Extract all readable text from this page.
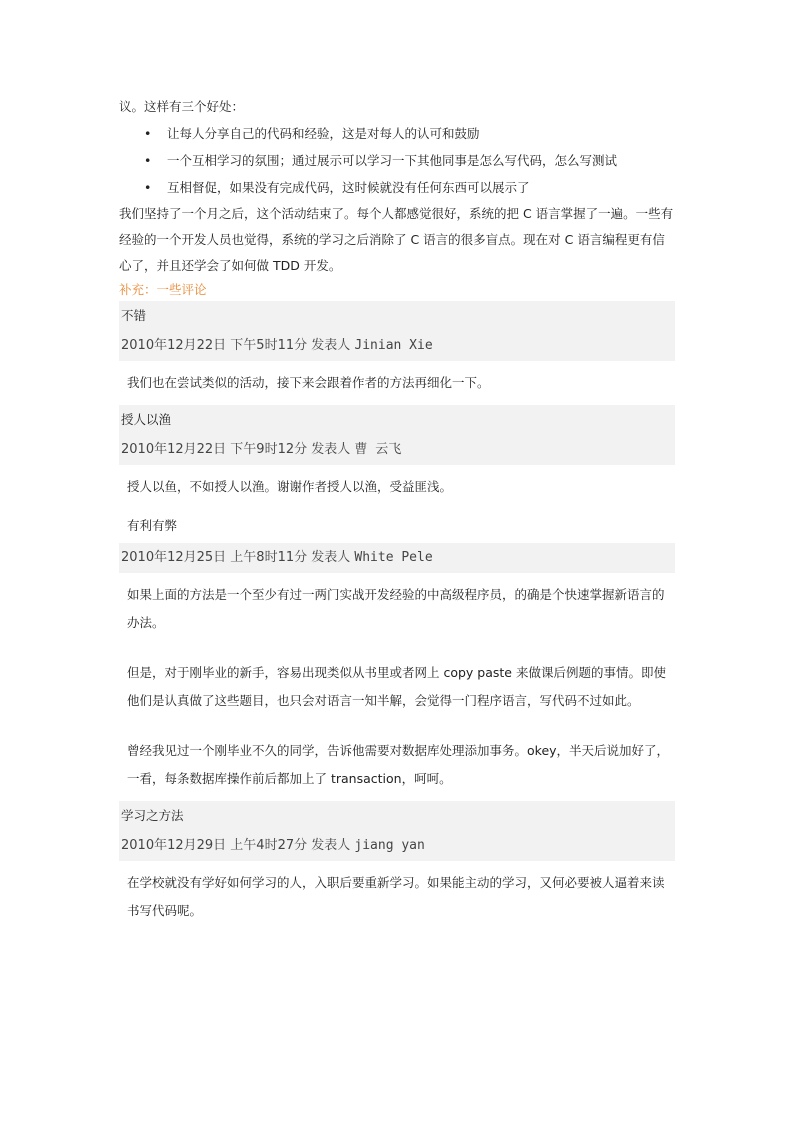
议。这样有三个好处：

• 让每人分享自己的代码和经验，这是对每人的认可和鼓励
• 一个互相学习的氛围；通过展示可以学习一下其他同事是怎么写代码，怎么写测试
• 互相督促，如果没有完成代码，这时候就没有任何东西可以展示了

我们坚持了一个月之后，这个活动结束了。每个人都感觉很好，系统的把 C 语言掌握了一遍。一些有经验的一个开发人员也觉得，系统的学习之后消除了 C 语言的很多盲点。现在对 C 语言编程更有信心了，并且还学会了如何做 TDD 开发。

补充：一些评论

不错
2010年12月22日 下午5时11分 发表人 Jinian Xie

我们也在尝试类似的活动，接下来会跟着作者的方法再细化一下。

授人以渔
2010年12月22日 下午9时12分 发表人 曹 云飞

授人以鱼，不如授人以渔。谢谢作者授人以渔，受益匪浅。

有利有弊
2010年12月25日 上午8时11分 发表人 White Pele

如果上面的方法是一个至少有过一两门实战开发经验的中高级程序员，的确是个快速掌握新语言的办法。

但是，对于刚毕业的新手，容易出现类似从书里或者网上 copy paste 来做课后例题的事情。即使他们是认真做了这些题目，也只会对语言一知半解，会觉得一门程序语言，写代码不过如此。

曾经我见过一个刚毕业不久的同学，告诉他需要对数据库处理添加事务。okey，半天后说加好了，一看，每条数据库操作前后都加上了 transaction，呵呵。

学习之方法
2010年12月29日 上午4时27分 发表人 jiang yan

在学校就没有学好如何学习的人，入职后要重新学习。如果能主动的学习，又何必要被人逼着来读书写代码呢。
